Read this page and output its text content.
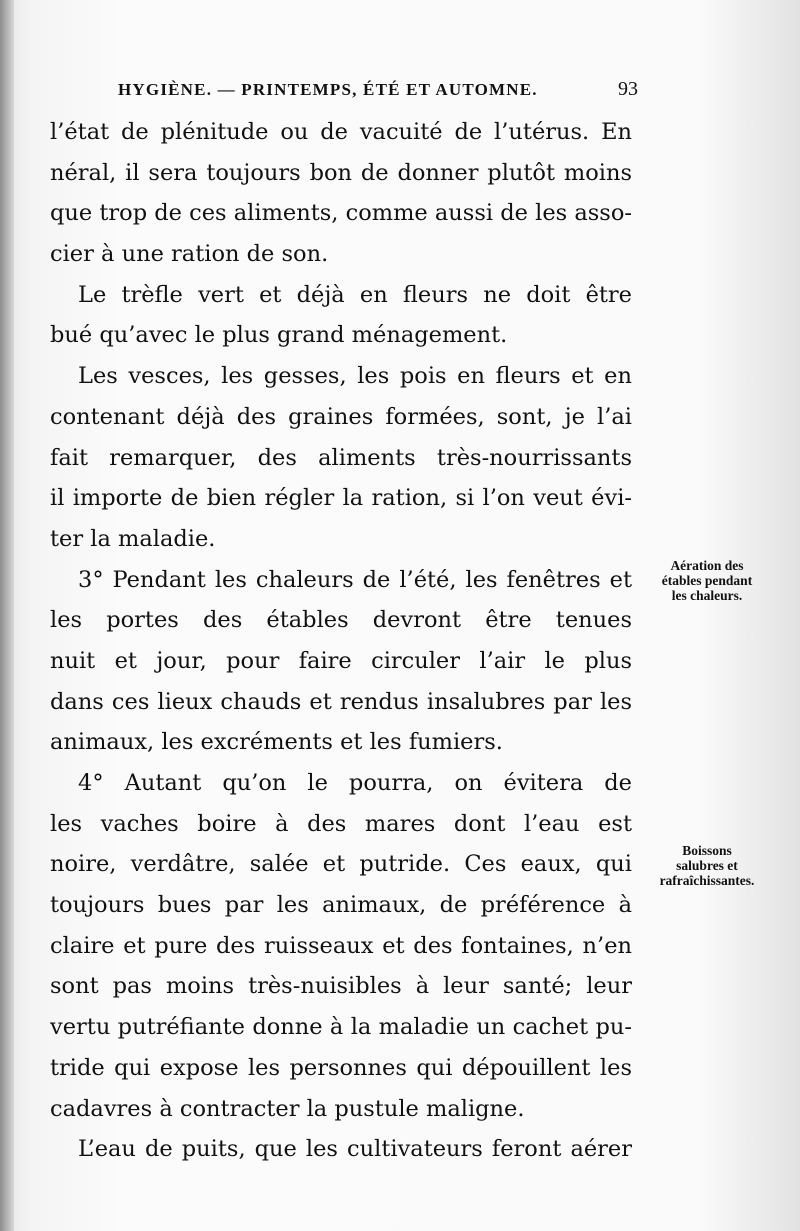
HYGIÈNE. — PRINTEMPS, ÉTÉ ET AUTOMNE.	93
l’état de plénitude ou de vacuité de l’utérus. En
néral, il sera toujours bon de donner plutôt moins
que trop de ces aliments, comme aussi de les asso-
cier à une ration de son.
Le trèfle vert et déjà en fleurs ne doit être
bué qu’avec le plus grand ménagement.
Les vesces, les gesses, les pois en fleurs et en
contenant déjà des graines formées, sont, je l’ai
fait remarquer, des aliments très-nourrissants
il importe de bien régler la ration, si l’on veut évi-
ter la maladie.
3° Pendant les chaleurs de l’été, les fenêtres et
les portes des étables devront être tenues
nuit et jour, pour faire circuler l’air le plus
dans ces lieux chauds et rendus insalubres par les
animaux, les excréments et les fumiers.
4° Autant qu’on le pourra, on évitera de
les vaches boire à des mares dont l’eau est
noire, verdâtre, salée et putride. Ces eaux, qui
toujours bues par les animaux, de préférence à
claire et pure des ruisseaux et des fontaines, n’en
sont pas moins très-nuisibles à leur santé; leur
vertu putréfiante donne à la maladie un cachet pu-
tride qui expose les personnes qui dépouillent les
cadavres à contracter la pustule maligne.
L’eau de puits, que les cultivateurs feront aérer
Aération des
étables pendant
les chaleurs.
Boissons
salubres et
rafraîchissantes.
